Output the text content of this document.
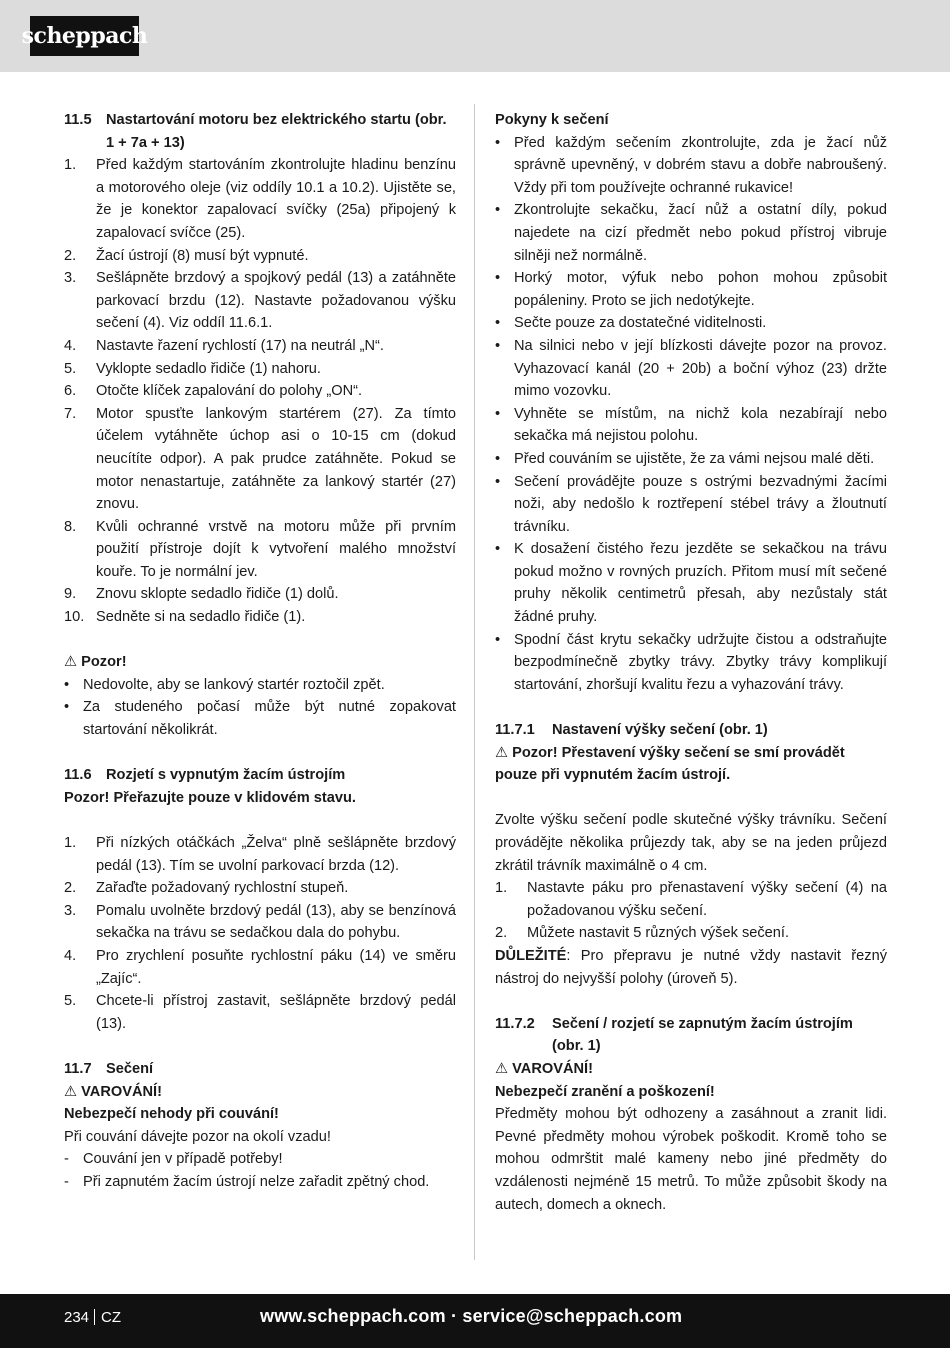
scheppach
11.5 Nastartování motoru bez elektrického startu (obr. 1 + 7a + 13)
1.	Před každým startováním zkontrolujte hladinu benzínu a motorového oleje (viz oddíly 10.1 a 10.2). Ujistěte se, že je konektor zapalovací svíčky (25a) připojený k zapalovací svíčce (25).
2.	Žací ústrojí (8) musí být vypnuté.
3.	Sešlápněte brzdový a spojkový pedál (13) a zatáhněte parkovací brzdu (12). Nastavte požadovanou výšku sečení (4). Viz oddíl 11.6.1.
4.	Nastavte řazení rychlostí (17) na neutrál „N“.
5.	Vyklopte sedadlo řidiče (1) nahoru.
6.	Otočte klíček zapalování do polohy „ON“.
7.	Motor spusťte lankovým startérem (27). Za tímto účelem vytáhněte úchop asi o 10-15 cm (dokud neucítíte odpor). A pak prudce zatáhněte. Pokud se motor nenastartuje, zatáhněte za lankový startér (27) znovu.
8.	Kvůli ochranné vrstvě na motoru může při prvním použití přístroje dojít k vytvoření malého množství kouře. To je normální jev.
9.	Znovu sklopte sedadlo řidiče (1) dolů.
10. Sedněte si na sedadlo řidiče (1).

⚠ Pozor!

• Nedovolte, aby se lankový startér roztočil zpět.
• Za studeného počasí může být nutné zopakovat startování několikrát.
11.6 Rozjetí s vypnutým žacím ústrojím

Pozor! Přeřazujte pouze v klidovém stavu.

1.	Při nízkých otáčkách „Želva“ plně sešlápněte brzdový pedál (13). Tím se uvolní parkovací brzda (12).
2.	Zařaďte požadovaný rychlostní stupeň.
3.	Pomalu uvolněte brzdový pedál (13), aby se benzínová sekačka na trávu se sedačkou dala do pohybu.
4.	Pro zrychlení posuňte rychlostní páku (14) ve směru „Zajíc“.
5.	Chcete-li přístroj zastavit, sešlápněte brzdový pedál (13).
11.7 Sečení

⚠ VAROVÁNÍ!

Nebezpečí nehody při couvání!

Při couvání dávejte pozor na okolí vzadu!

- Couvání jen v případě potřeby!
- Při zapnutém žacím ústrojí nelze zařadit zpětný chod.

Pokyny k sečení

• Před každým sečením zkontrolujte, zda je žací nůž správně upevněný, v dobrém stavu a dobře nabroušený. Vždy při tom používejte ochranné rukavice!
• Zkontrolujte sekačku, žací nůž a ostatní díly, pokud najedete na cizí předmět nebo pokud přístroj vibruje silněji než normálně.
• Horký motor, výfuk nebo pohon mohou způsobit popáleniny. Proto se jich nedotýkejte.
• Sečte pouze za dostatečné viditelnosti.
• Na silnici nebo v její blízkosti dávejte pozor na provoz. Vyhazovací kanál (20 + 20b) a boční výhoz (23) držte mimo vozovku.
• Vyhněte se místům, na nichž kola nezabírají nebo sekačka má nejistou polohu.
• Před couváním se ujistěte, že za vámi nejsou malé děti.
• Sečení provádějte pouze s ostrými bezvadnými žacími noži, aby nedošlo k roztřepení stébel trávy a žloutnutí trávníku.
• K dosažení čistého řezu jezděte se sekačkou na trávu pokud možno v rovných pruzích. Přitom musí mít sečené pruhy několik centimetrů přesah, aby nezůstaly stát žádné pruhy.
• Spodní část krytu sekačky udržujte čistou a odstraňujte bezpodmínečně zbytky trávy. Zbytky trávy komplikují startování, zhoršují kvalitu řezu a vyhazování trávy.
11.7.1	Nastavení výšky sečení (obr. 1)

⚠ Pozor! Přestavení výšky sečení se smí provádět pouze při vypnutém žacím ústrojí.

Zvolte výšku sečení podle skutečné výšky trávníku. Sečení provádějte několika průjezdy tak, aby se na jeden průjezd zkrátil trávník maximálně o 4 cm.

1.	Nastavte páku pro přenastavení výšky sečení (4) na požadovanou výšku sečení.
2.	Můžete nastavit 5 různých výšek sečení.

DŮLEŽITÉ: Pro přepravu je nutné vždy nastavit řezný nástroj do nejvyšší polohy (úroveň 5).

11.7.2	Sečení / rozjetí se zapnutým žacím ústrojím (obr. 1)

⚠ VAROVÁNÍ!

Nebezpečí zranění a poškození!

Předměty mohou být odhozeny a zasáhnout a zranit lidi. Pevné předměty mohou výrobek poškodit. Kromě toho se mohou odmrštit malé kameny nebo jiné předměty do vzdálenosti nejméně 15 metrů. To může způsobit škody na autech, domech a oknech.

234 CZ	www.scheppach.com · service@scheppach.com
